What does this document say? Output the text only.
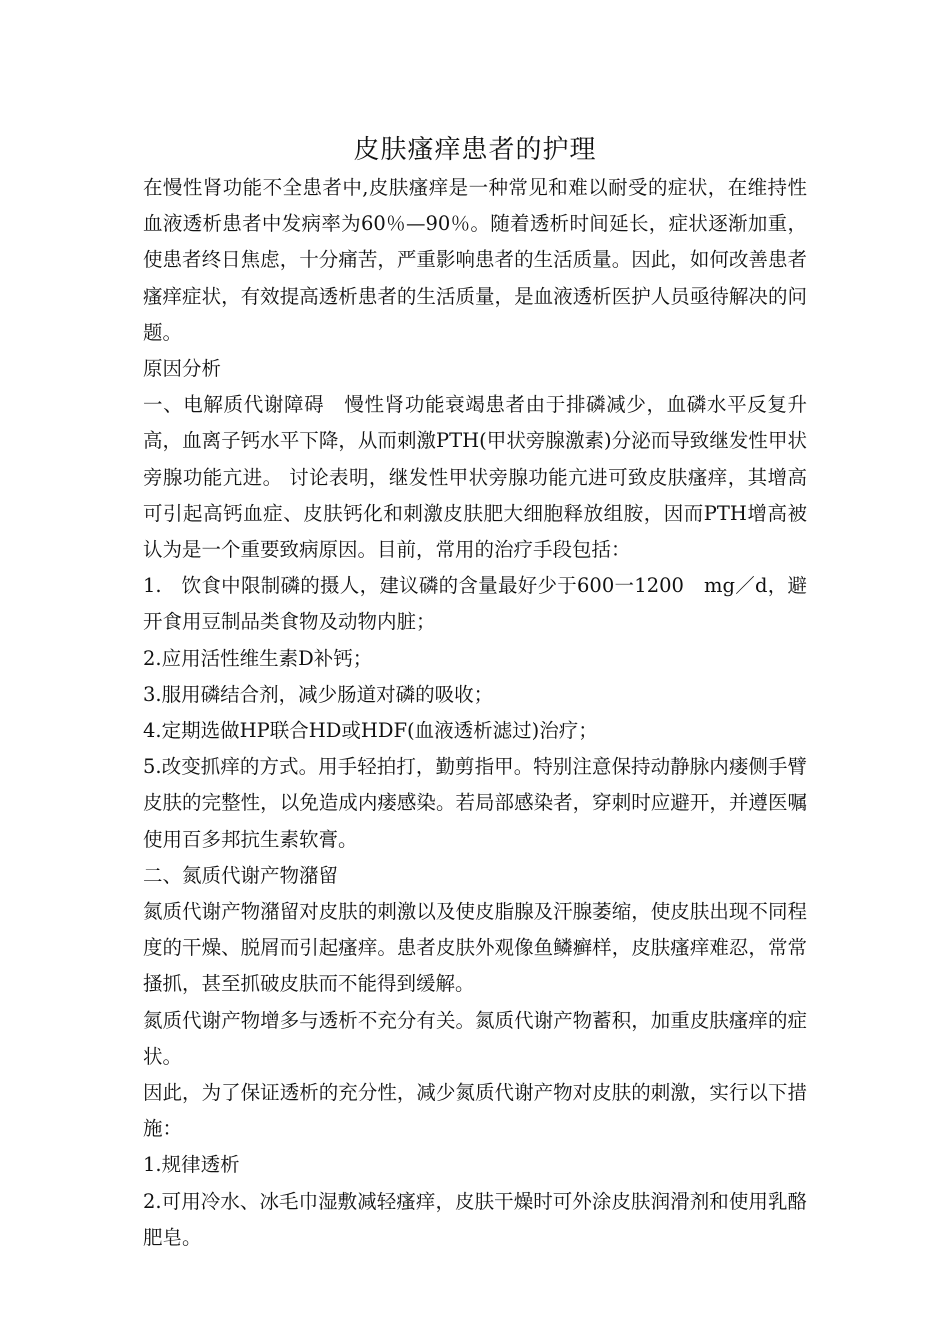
皮肤瘙痒患者的护理

在慢性肾功能不全患者中,皮肤瘙痒是一种常见和难以耐受的症状，在维持性血液透析患者中发病率为60％—90％。随着透析时间延长，症状逐渐加重，使患者终日焦虑，十分痛苦，严重影响患者的生活质量。因此，如何改善患者瘙痒症状，有效提高透析患者的生活质量，是血液透析医护人员亟待解决的问题。

原因分析

一、电解质代谢障碍　慢性肾功能衰竭患者由于排磷减少，血磷水平反复升高，血离子钙水平下降，从而刺激PTH(甲状旁腺激素)分泌而导致继发性甲状旁腺功能亢进。 讨论表明，继发性甲状旁腺功能亢进可致皮肤瘙痒，其增高可引起高钙血症、皮肤钙化和刺激皮肤肥大细胞释放组胺，因而PTH增高被认为是一个重要致病原因。目前，常用的治疗手段包括：

1.　饮食中限制磷的摄人，建议磷的含量最好少于600一1200　mg／d，避开食用豆制品类食物及动物内脏；

2.应用活性维生素D补钙；

3.服用磷结合剂，减少肠道对磷的吸收；

4.定期选做HP联合HD或HDF(血液透析滤过)治疗；

5.改变抓痒的方式。用手轻拍打，勤剪指甲。特别注意保持动静脉内瘘侧手臂皮肤的完整性，以免造成内瘘感染。若局部感染者，穿刺时应避开，并遵医嘱使用百多邦抗生素软膏。

二、氮质代谢产物潴留

氮质代谢产物潴留对皮肤的刺激以及使皮脂腺及汗腺萎缩，使皮肤出现不同程度的干燥、脱屑而引起瘙痒。患者皮肤外观像鱼鳞癣样，皮肤瘙痒难忍，常常搔抓，甚至抓破皮肤而不能得到缓解。

氮质代谢产物增多与透析不充分有关。氮质代谢产物蓄积，加重皮肤瘙痒的症状。

因此，为了保证透析的充分性，减少氮质代谢产物对皮肤的刺激，实行以下措施：

1.规律透析

2.可用冷水、冰毛巾湿敷减轻瘙痒，皮肤干燥时可外涂皮肤润滑剂和使用乳酪肥皂。
